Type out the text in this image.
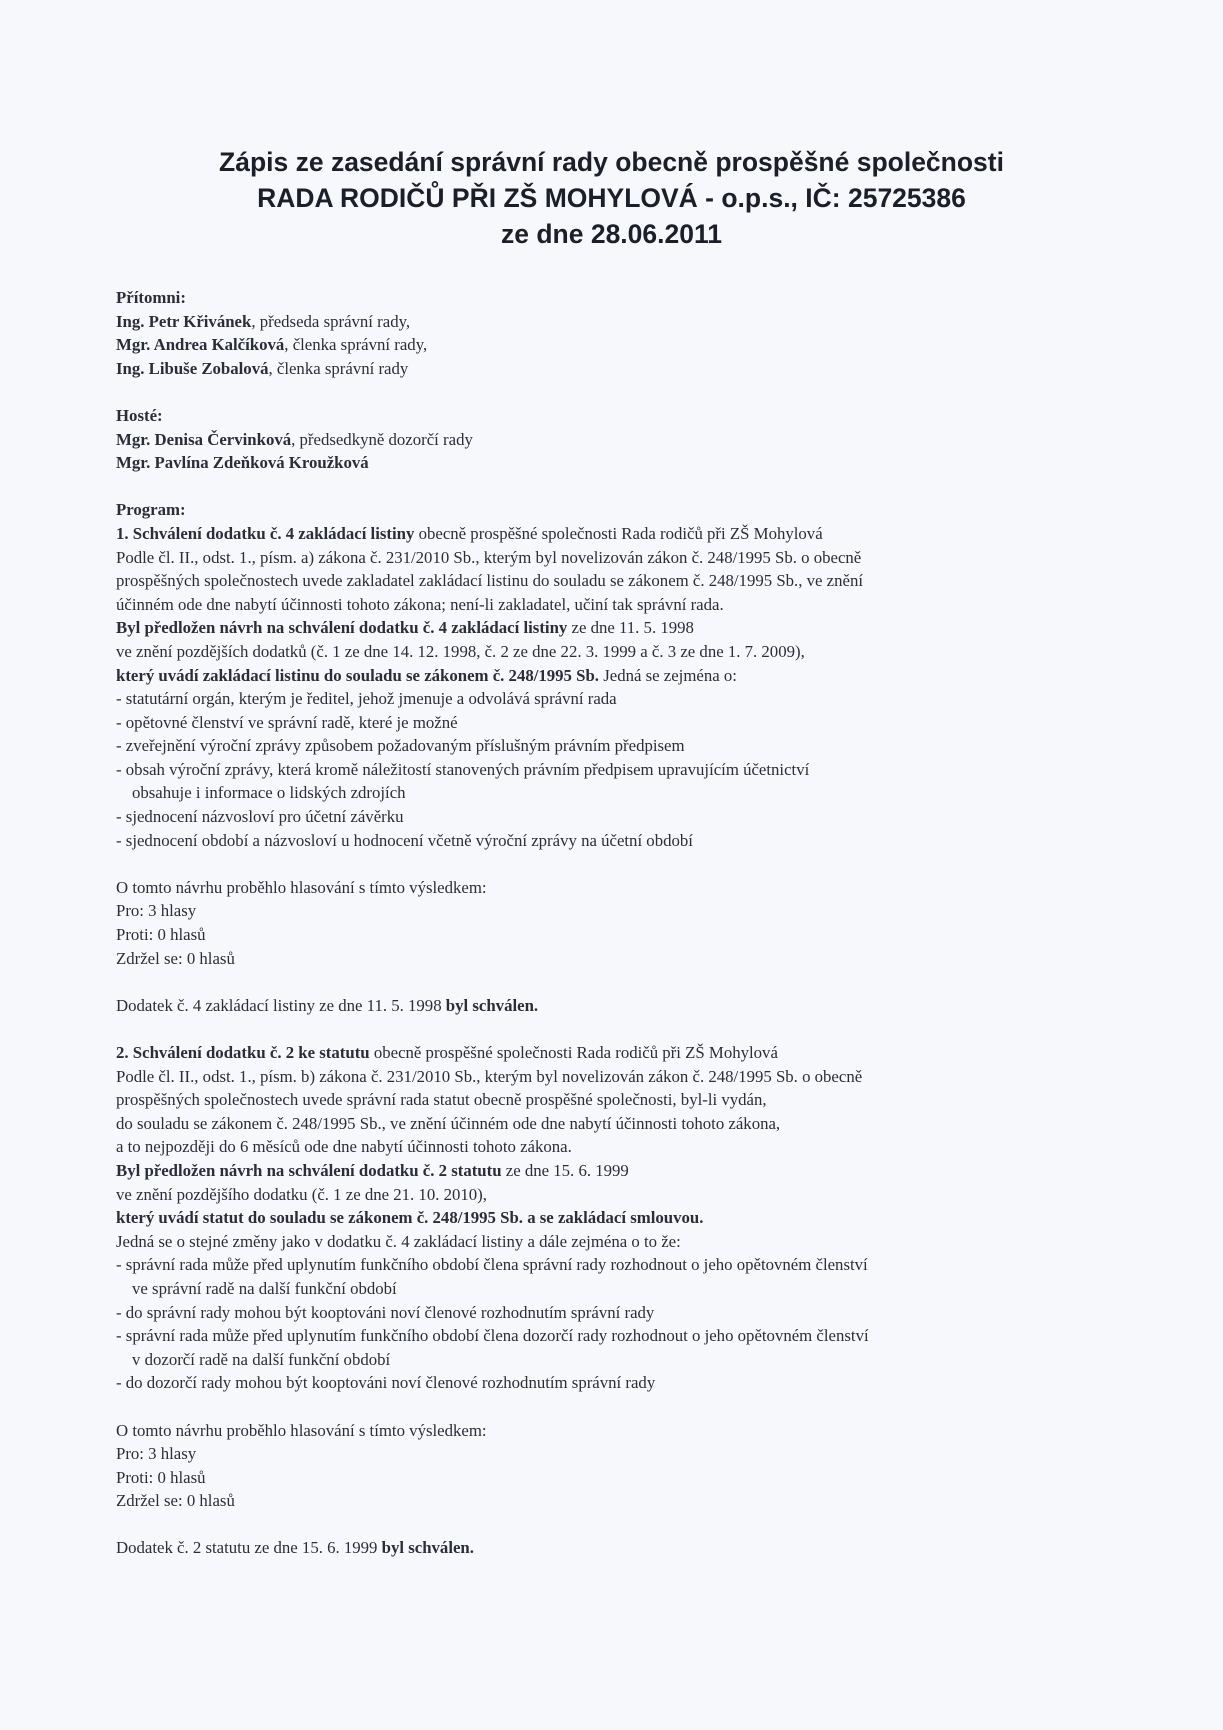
Zápis ze zasedání správní rady obecně prospěšné společnosti
RADA RODIČŮ PŘI ZŠ MOHYLOVÁ - o.p.s., IČ: 25725386
ze dne 28.06.2011
Přítomni:
Ing. Petr Křivánek, předseda správní rady,
Mgr. Andrea Kalčíková, členka správní rady,
Ing. Libuše Zobalová, členka správní rady
Hosté:
Mgr. Denisa Červinková, předsedkyně dozorčí rady
Mgr. Pavlína Zdeňková Kroužková
Program:
1. Schválení dodatku č. 4 zakládací listiny obecně prospěšné společnosti Rada rodičů při ZŠ Mohylová
Podle čl. II., odst. 1., písm. a) zákona č. 231/2010 Sb., kterým byl novelizován zákon č. 248/1995 Sb. o obecně
prospěšných společnostech uvede zakladatel zakládací listinu do souladu se zákonem č. 248/1995 Sb., ve znění
účinném ode dne nabytí účinnosti tohoto zákona; není-li zakladatel, učiní tak správní rada.
Byl předložen návrh na schválení dodatku č. 4 zakládací listiny ze dne 11. 5. 1998
ve znění pozdějších dodatků (č. 1 ze dne 14. 12. 1998, č. 2 ze dne 22. 3. 1999 a č. 3 ze dne 1. 7. 2009),
který uvádí zakládací listinu do souladu se zákonem č. 248/1995 Sb. Jedná se zejména o:
- statutární orgán, kterým je ředitel, jehož jmenuje a odvolává správní rada
- opětovné členství ve správní radě, které je možné
- zveřejnění výroční zprávy způsobem požadovaným příslušným právním předpisem
- obsah výroční zprávy, která kromě náležitostí stanovených právním předpisem upravujícím účetnictví
obsahuje i informace o lidských zdrojích
- sjednocení názvosloví pro účetní závěrku
- sjednocení období a názvosloví u hodnocení včetně výroční zprávy na účetní období
O tomto návrhu proběhlo hlasování s tímto výsledkem:
Pro: 3 hlasy
Proti: 0 hlasů
Zdržel se: 0 hlasů
Dodatek č. 4 zakládací listiny ze dne 11. 5. 1998 byl schválen.
2. Schválení dodatku č. 2 ke statutu obecně prospěšné společnosti Rada rodičů při ZŠ Mohylová
Podle čl. II., odst. 1., písm. b) zákona č. 231/2010 Sb., kterým byl novelizován zákon č. 248/1995 Sb. o obecně
prospěšných společnostech uvede správní rada statut obecně prospěšné společnosti, byl-li vydán,
do souladu se zákonem č. 248/1995 Sb., ve znění účinném ode dne nabytí účinnosti tohoto zákona,
a to nejpozději do 6 měsíců ode dne nabytí účinnosti tohoto zákona.
Byl předložen návrh na schválení dodatku č. 2 statutu ze dne 15. 6. 1999
ve znění pozdějšího dodatku (č. 1 ze dne 21. 10. 2010),
který uvádí statut do souladu se zákonem č. 248/1995 Sb. a se zakládací smlouvou.
Jedná se o stejné změny jako v dodatku č. 4 zakládací listiny a dále zejména o to že:
- správní rada může před uplynutím funkčního období člena správní rady rozhodnout o jeho opětovném členství
ve správní radě na další funkční období
- do správní rady mohou být kooptováni noví členové rozhodnutím správní rady
- správní rada může před uplynutím funkčního období člena dozorčí rady rozhodnout o jeho opětovném členství
v dozorčí radě na další funkční období
- do dozorčí rady mohou být kooptováni noví členové rozhodnutím správní rady
O tomto návrhu proběhlo hlasování s tímto výsledkem:
Pro: 3 hlasy
Proti: 0 hlasů
Zdržel se: 0 hlasů
Dodatek č. 2 statutu ze dne 15. 6. 1999 byl schválen.
